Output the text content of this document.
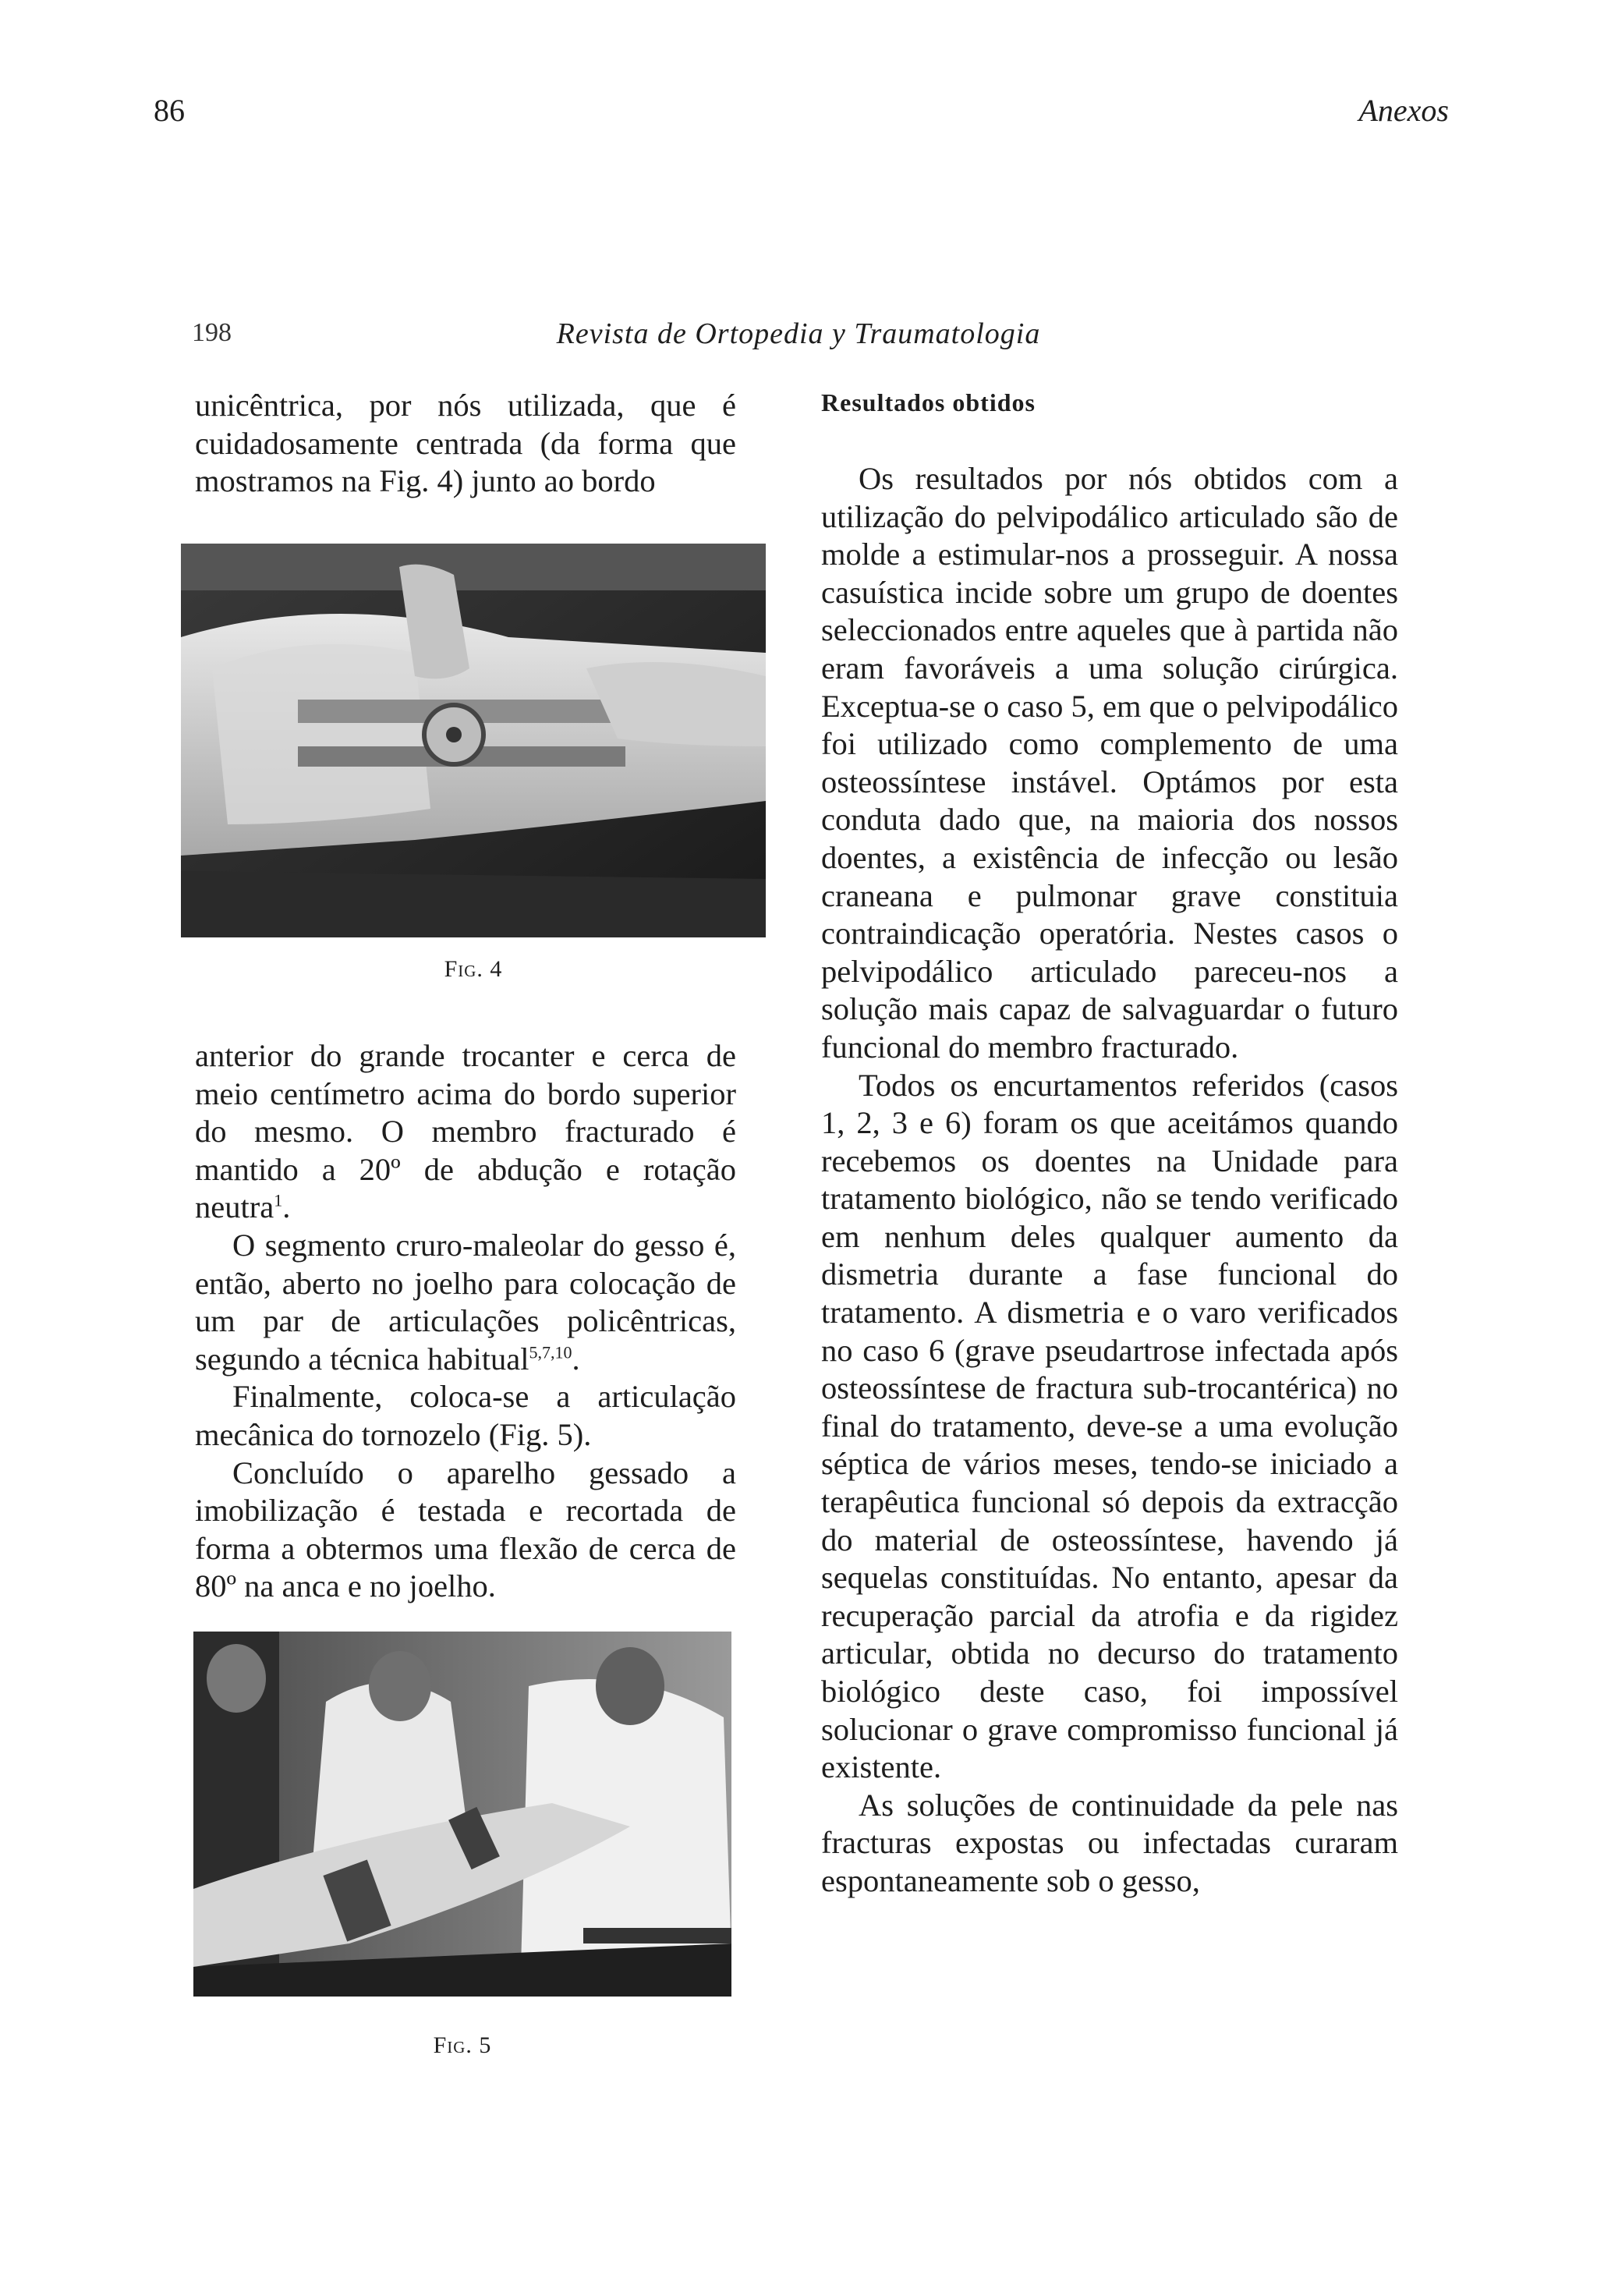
86	Anexos
198	Revista de Ortopedia y Traumatologia

unicêntrica, por nós utilizada, que é cuidadosamente centrada (da forma que mostramos na Fig. 4) junto ao bordo

Fig. 4

anterior do grande trocanter e cerca de meio centímetro acima do bordo superior do mesmo. O membro fracturado é mantido a 20º de abdução e rotação neutra$^1$.

O segmento cruro-maleolar do gesso é, então, aberto no joelho para colocação de um par de articulações policêntricas, segundo a técnica habitual$^{5,7,10}$.

Finalmente, coloca-se a articulação mecânica do tornozelo (Fig. 5).

Concluído o aparelho gessado a imobilização é testada e recortada de forma a obtermos uma flexão de cerca de 80º na anca e no joelho.

Fig. 5
Resultados obtidos

Os resultados por nós obtidos com a utilização do pelvipodálico articulado são de molde a estimular-nos a prosseguir. A nossa casuística incide sobre um grupo de doentes seleccionados entre aqueles que à partida não eram favoráveis a uma solução cirúrgica. Exceptua-se o caso 5, em que o pelvipodálico foi utilizado como complemento de uma osteossíntese instável. Optámos por esta conduta dado que, na maioria dos nossos doentes, a existência de infecção ou lesão craneana e pulmonar grave constituia contraindicação operatória. Nestes casos o pelvipodálico articulado pareceu-nos a solução mais capaz de salvaguardar o futuro funcional do membro fracturado.

Todos os encurtamentos referidos (casos 1, 2, 3 e 6) foram os que aceitámos quando recebemos os doentes na Unidade para tratamento biológico, não se tendo verificado em nenhum deles qualquer aumento da dismetria durante a fase funcional do tratamento. A dismetria e o varo verificados no caso 6 (grave pseudartrose infectada após osteossíntese de fractura sub-trocantérica) no final do tratamento, deve-se a uma evolução séptica de vários meses, tendo-se iniciado a terapêutica funcional só depois da extracção do material de osteossíntese, havendo já sequelas constituídas. No entanto, apesar da recuperação parcial da atrofia e da rigidez articular, obtida no decurso do tratamento biológico deste caso, foi impossível solucionar o grave compromisso funcional já existente.

As soluções de continuidade da pele nas fracturas expostas ou infectadas curaram espontaneamente sob o gesso,
